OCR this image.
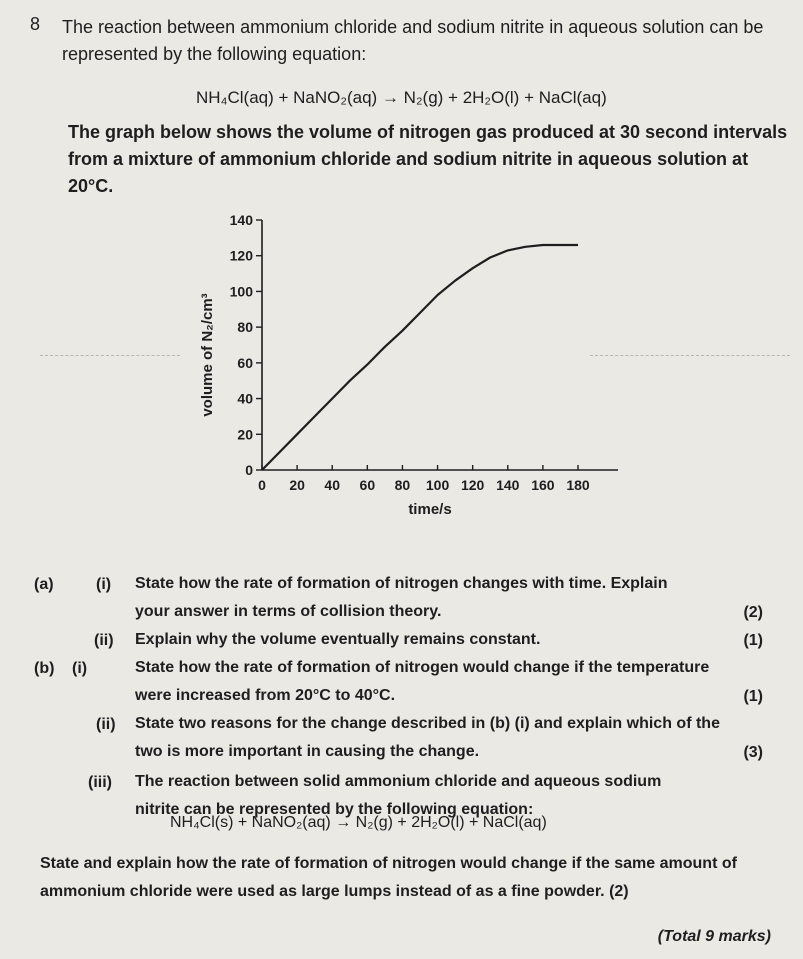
8 The reaction between ammonium chloride and sodium nitrite in aqueous solution can be represented by the following equation:
NH₄Cl(aq) + NaNO₂(aq) → N₂(g) + 2H₂O(l) + NaCl(aq)
The graph below shows the volume of nitrogen gas produced at 30 second intervals from a mixture of ammonium chloride and sodium nitrite in aqueous solution at 20°C.
0 20 40 60 80 100 120 140 160 180
0
20
40
60
80
100
120
140
time/s
volume of N₂/cm³
(a)	(i) State how the rate of formation of nitrogen changes with time. Explain your answer in terms of collision theory.	(2)
(ii) Explain why the volume eventually remains constant.	(1)
(b) (i)	State how the rate of formation of nitrogen would change if the temperature were increased from 20°C to 40°C.	(1)
(ii) State two reasons for the change described in (b) (i) and explain which of the two is more important in causing the change.	(3)
(iii) The reaction between solid ammonium chloride and aqueous sodium nitrite can be represented by the following equation:
NH₄Cl(s) + NaNO₂(aq) → N₂(g) + 2H₂O(l) + NaCl(aq)
State and explain how the rate of formation of nitrogen would change if the same amount of ammonium chloride were used as large lumps instead of as a fine powder. (2)
(Total 9 marks)
